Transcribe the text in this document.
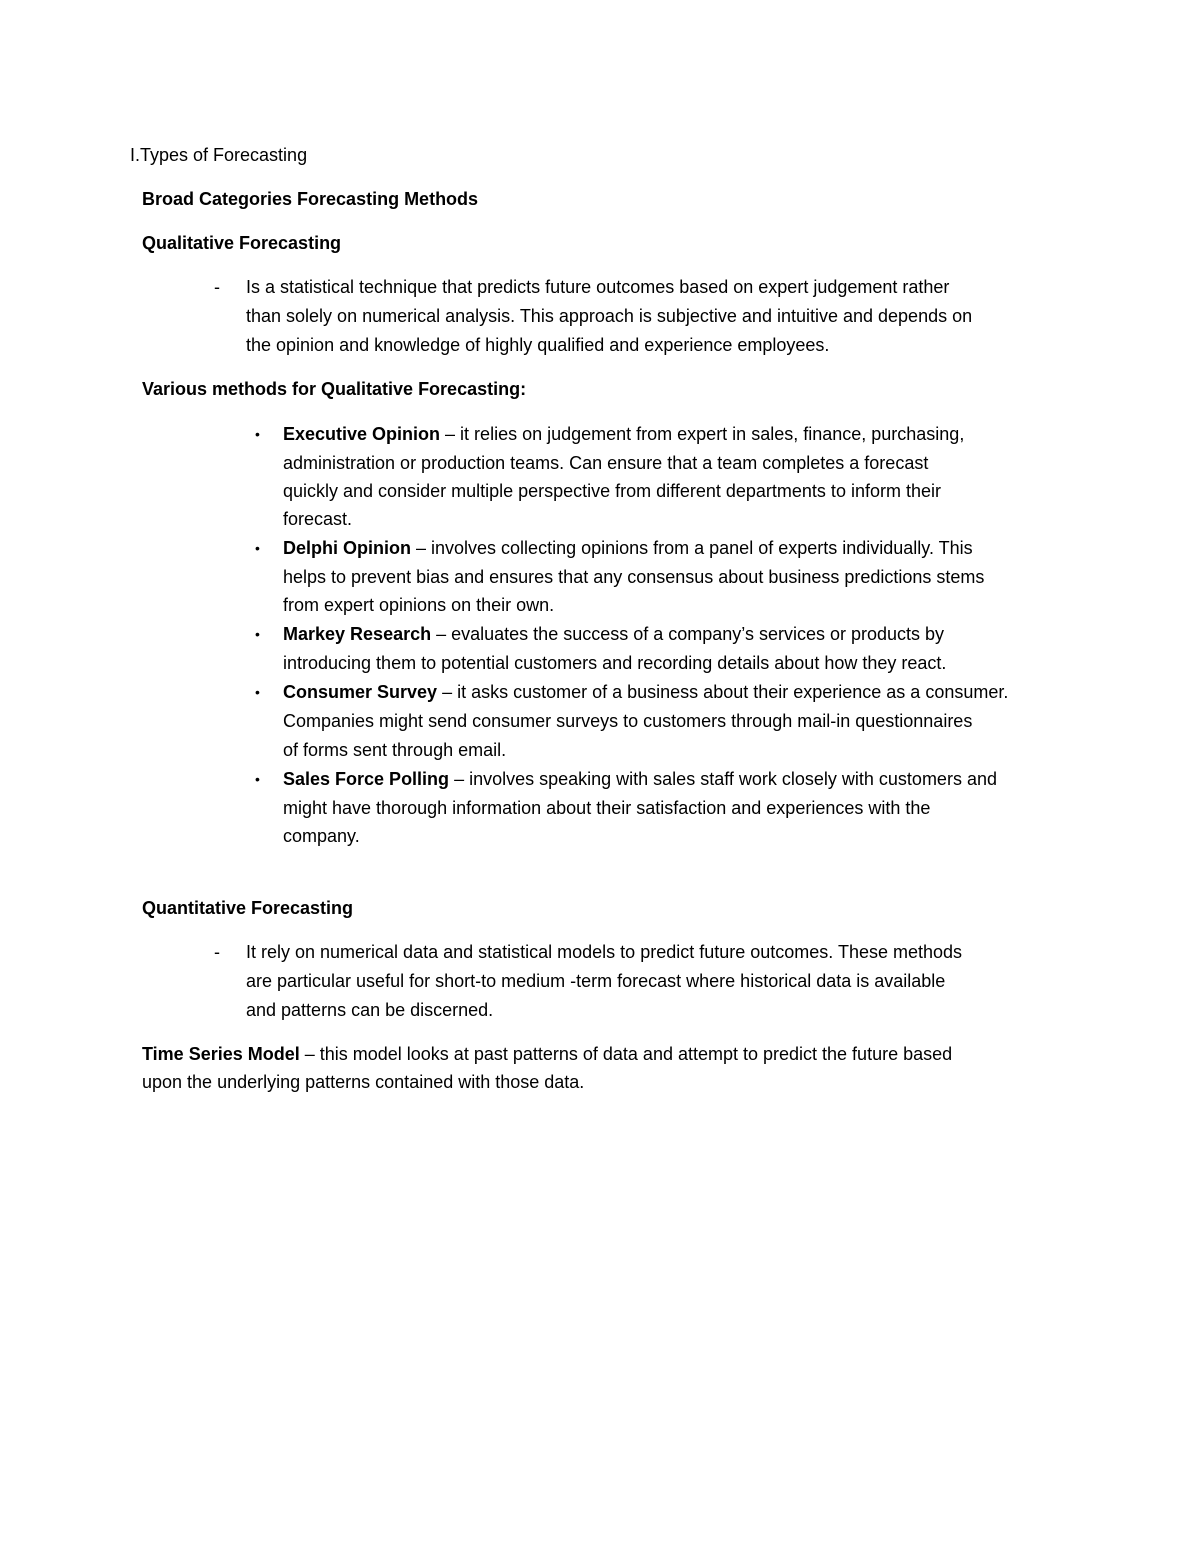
I.Types of Forecasting
Broad Categories Forecasting Methods
Qualitative Forecasting
-	Is a statistical technique that predicts future outcomes based on expert judgement rather
than solely on numerical analysis. This approach is subjective and intuitive and depends on
the opinion and knowledge of highly qualified and experience employees.
Various methods for Qualitative Forecasting:
• Executive Opinion – it relies on judgement from expert in sales, finance, purchasing,
administration or production teams. Can ensure that a team completes a forecast
quickly and consider multiple perspective from different departments to inform their
forecast.
• Delphi Opinion – involves collecting opinions from a panel of experts individually. This
helps to prevent bias and ensures that any consensus about business predictions stems
from expert opinions on their own.
• Markey Research – evaluates the success of a company’s services or products by
introducing them to potential customers and recording details about how they react.
• Consumer Survey – it asks customer of a business about their experience as a consumer.
Companies might send consumer surveys to customers through mail-in questionnaires
of forms sent through email.
• Sales Force Polling – involves speaking with sales staff work closely with customers and
might have thorough information about their satisfaction and experiences with the
company.
Quantitative Forecasting
-	It rely on numerical data and statistical models to predict future outcomes. These methods
are particular useful for short-to medium -term forecast where historical data is available
and patterns can be discerned.
Time Series Model – this model looks at past patterns of data and attempt to predict the future based
upon the underlying patterns contained with those data.
